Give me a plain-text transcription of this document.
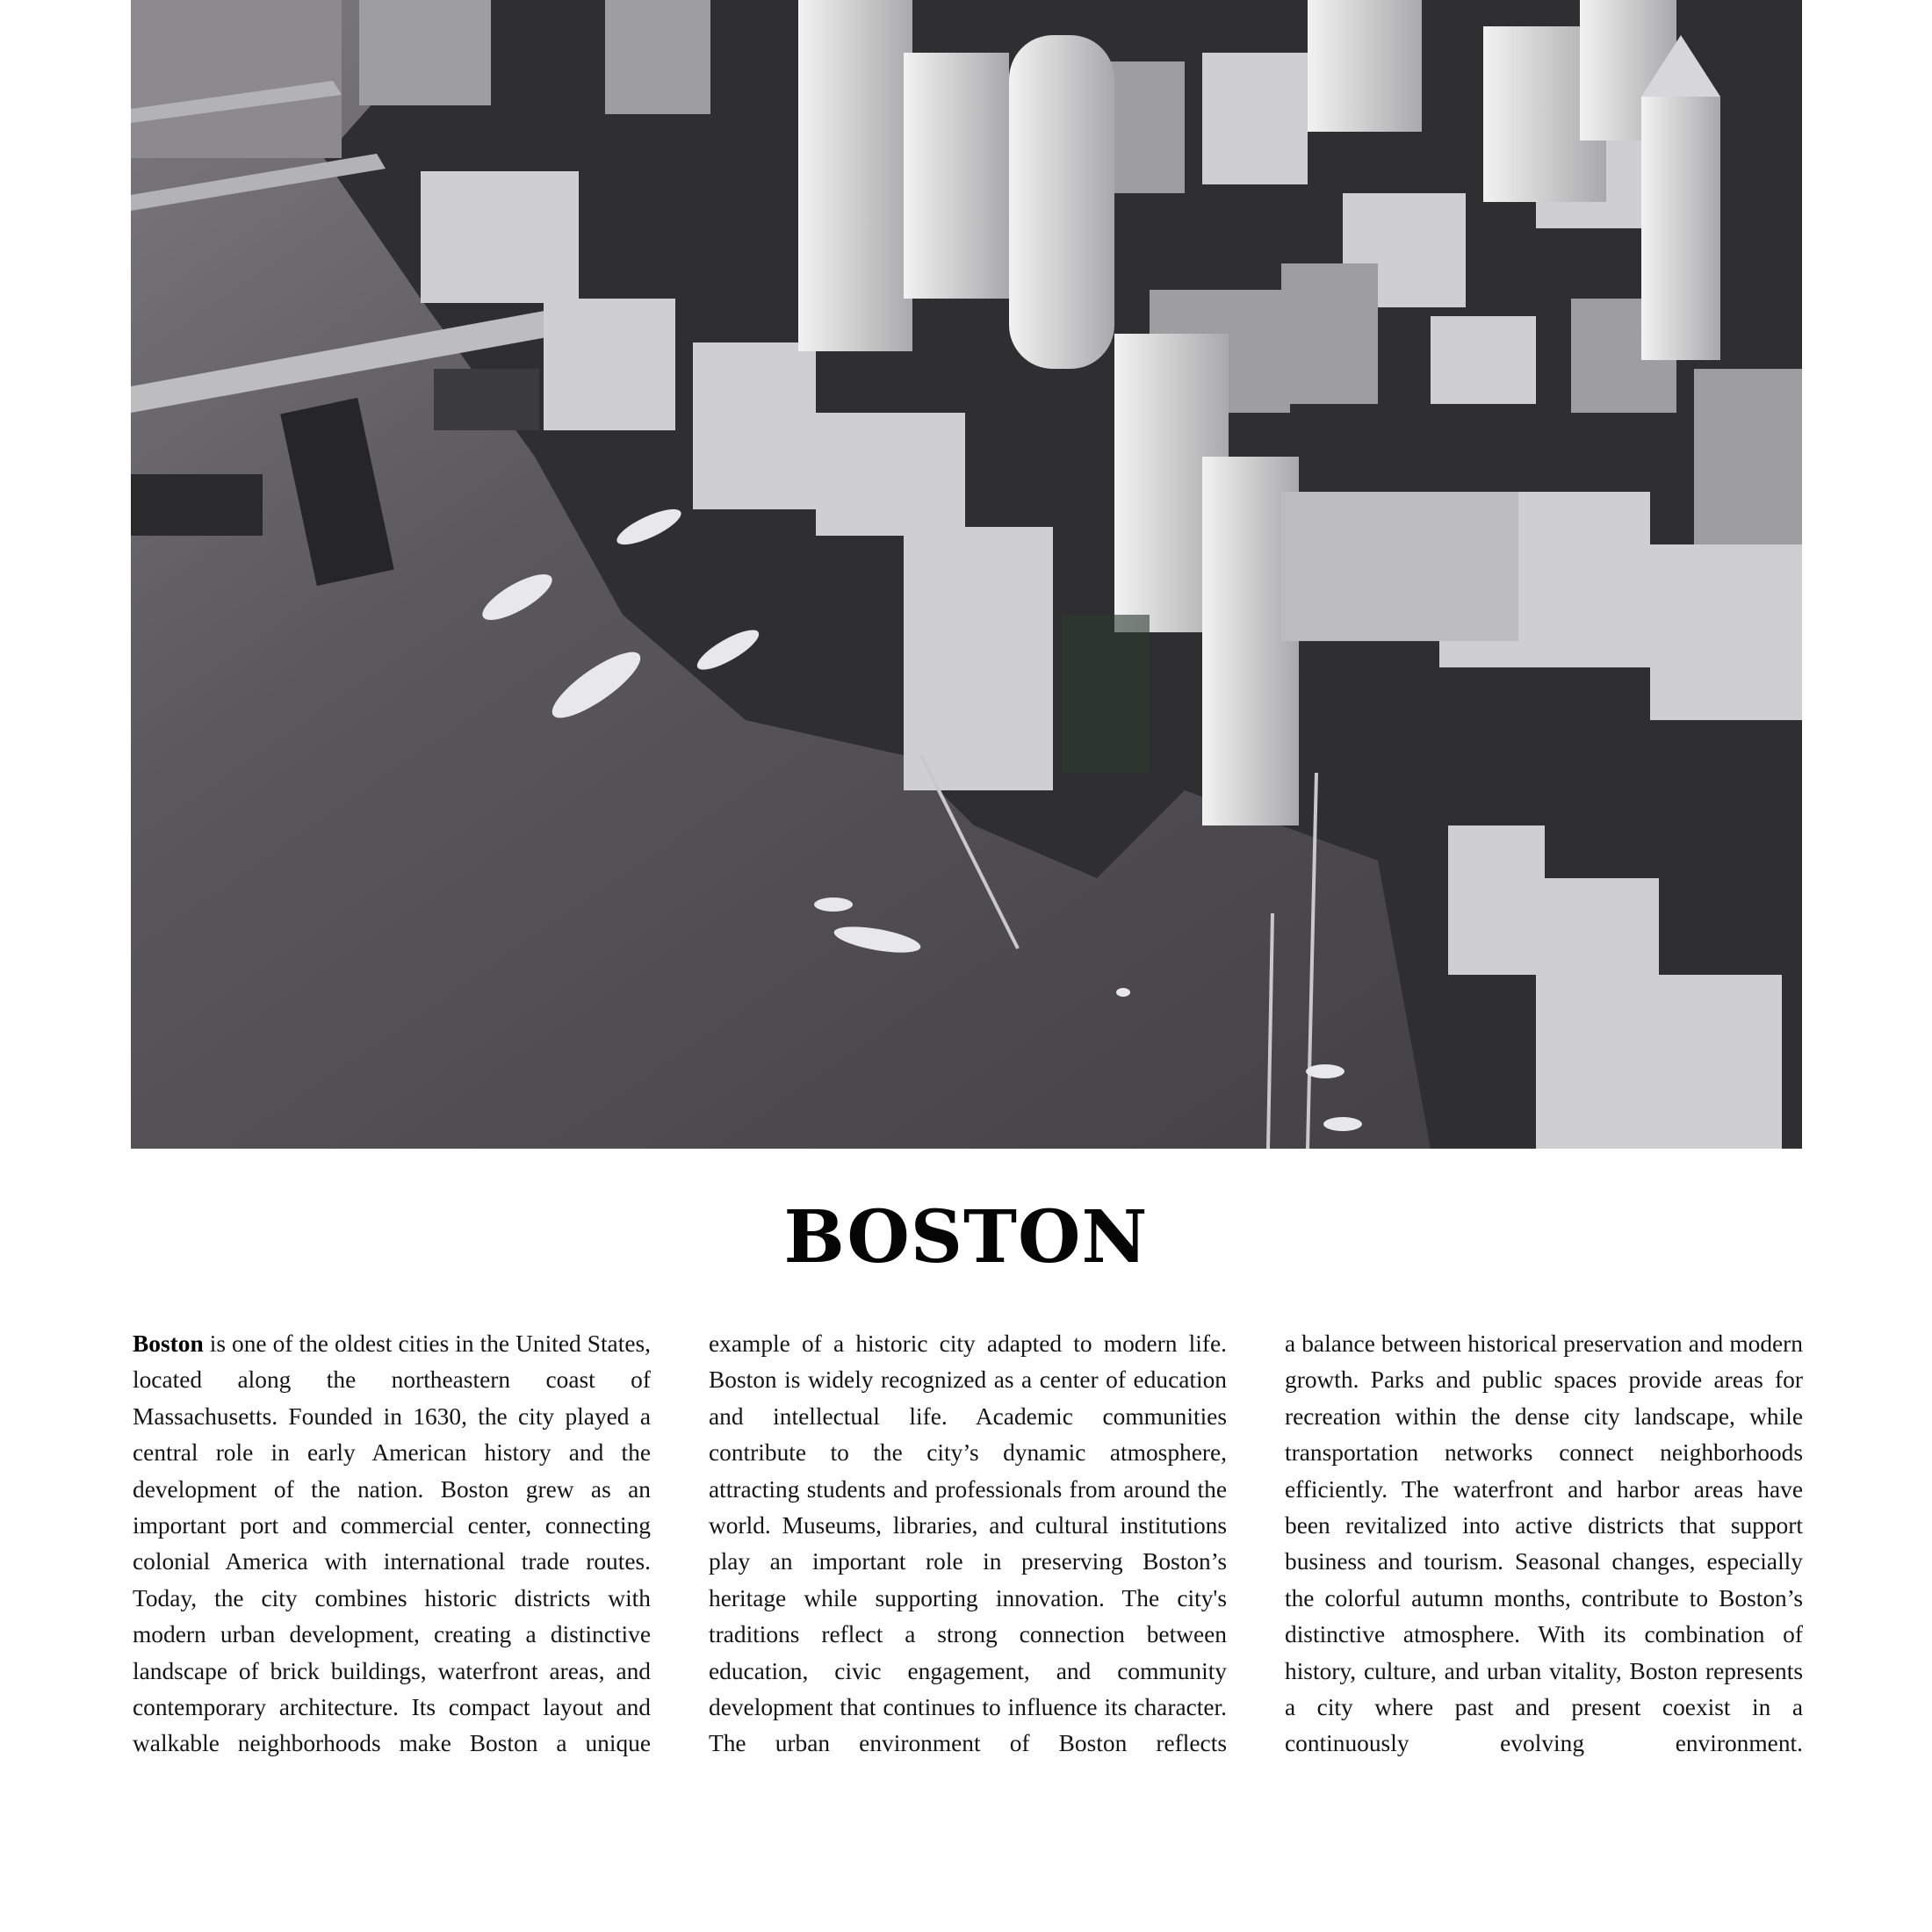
BOSTON

Boston is one of the oldest cities in the United States, located along the northeastern coast of Massachusetts. Founded in 1630, the city played a central role in early American history and the development of the nation. Boston grew as an important port and commercial center, connecting colonial America with international trade routes. Today, the city combines historic districts with modern urban development, creating a distinctive landscape of brick buildings, waterfront areas, and contemporary architecture. Its compact layout and walkable neighborhoods make Boston a unique

example of a historic city adapted to modern life. Boston is widely recognized as a center of education and intellectual life. Academic communities contribute to the city’s dynamic atmosphere, attracting students and professionals from around the world. Museums, libraries, and cultural institutions play an important role in preserving Boston’s heritage while supporting innovation. The city's traditions reflect a strong connection between education, civic engagement, and community development that continues to influence its character. The urban environment of Boston reflects

a balance between historical preservation and modern growth. Parks and public spaces provide areas for recreation within the dense city landscape, while transportation networks connect neighborhoods efficiently. The waterfront and harbor areas have been revitalized into active districts that support business and tourism. Seasonal changes, especially the colorful autumn months, contribute to Boston’s distinctive atmosphere. With its combination of history, culture, and urban vitality, Boston represents a city where past and present coexist in a continuously evolving environment.
